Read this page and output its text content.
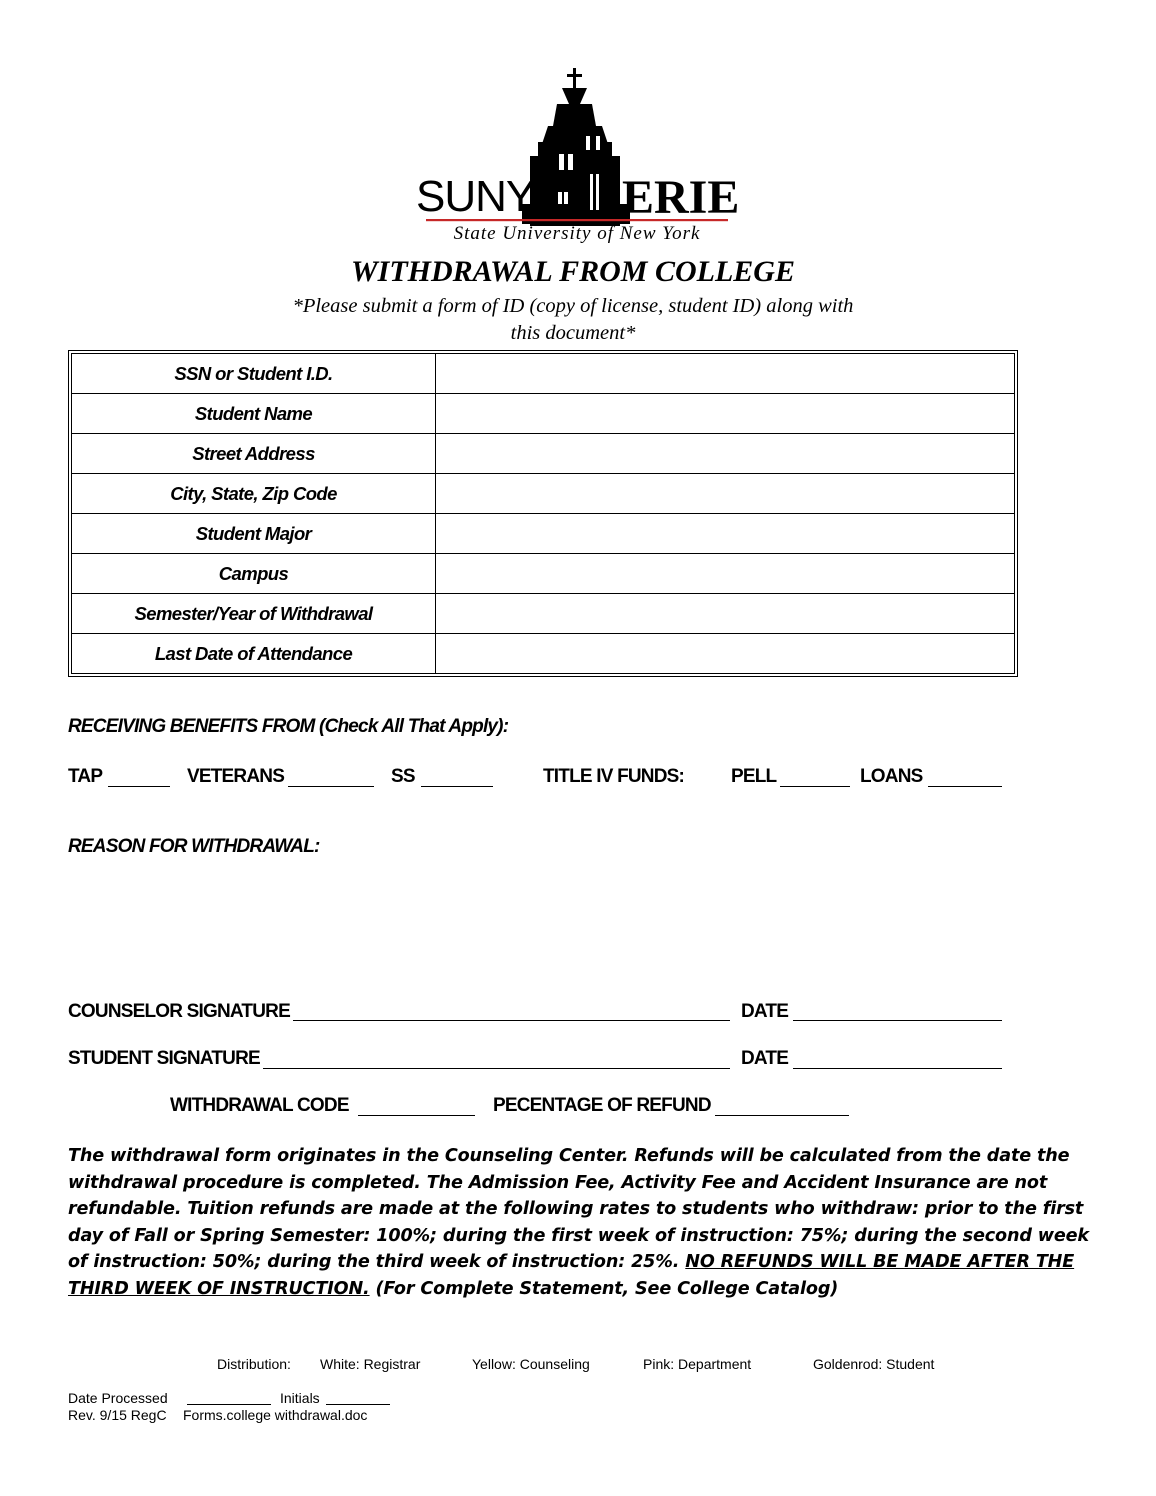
SUNY ERIE
State University of New York
WITHDRAWAL FROM COLLEGE
*Please submit a form of ID (copy of license, student ID) along with
this document*
SSN or Student I.D.	
Student Name	
Street Address	
City, State, Zip Code	
Student Major	
Campus	
Semester/Year of Withdrawal	
Last Date of Attendance	
RECEIVING BENEFITS FROM (Check All That Apply):
TAP	VETERANS	SS	TITLE IV FUNDS: PELL	LOANS
REASON FOR WITHDRAWAL:
COUNSELOR SIGNATURE	DATE
STUDENT SIGNATURE	DATE
WITHDRAWAL CODE	PECENTAGE OF REFUND
The withdrawal form originates in the Counseling Center. Refunds will be calculated from the date the withdrawal procedure is completed. The Admission Fee, Activity Fee and Accident Insurance are not refundable. Tuition refunds are made at the following rates to students who withdraw: prior to the first day of Fall or Spring Semester: 100%; during the first week of instruction: 75%; during the second week of instruction: 50%; during the third week of instruction: 25%. NO REFUNDS WILL BE MADE AFTER THE THIRD WEEK OF INSTRUCTION. (For Complete Statement, See College Catalog)
Distribution: White: Registrar	Yellow: Counseling	Pink: Department	Goldenrod: Student
Date Processed	Initials
Rev. 9/15 RegC Forms.college withdrawal.doc
